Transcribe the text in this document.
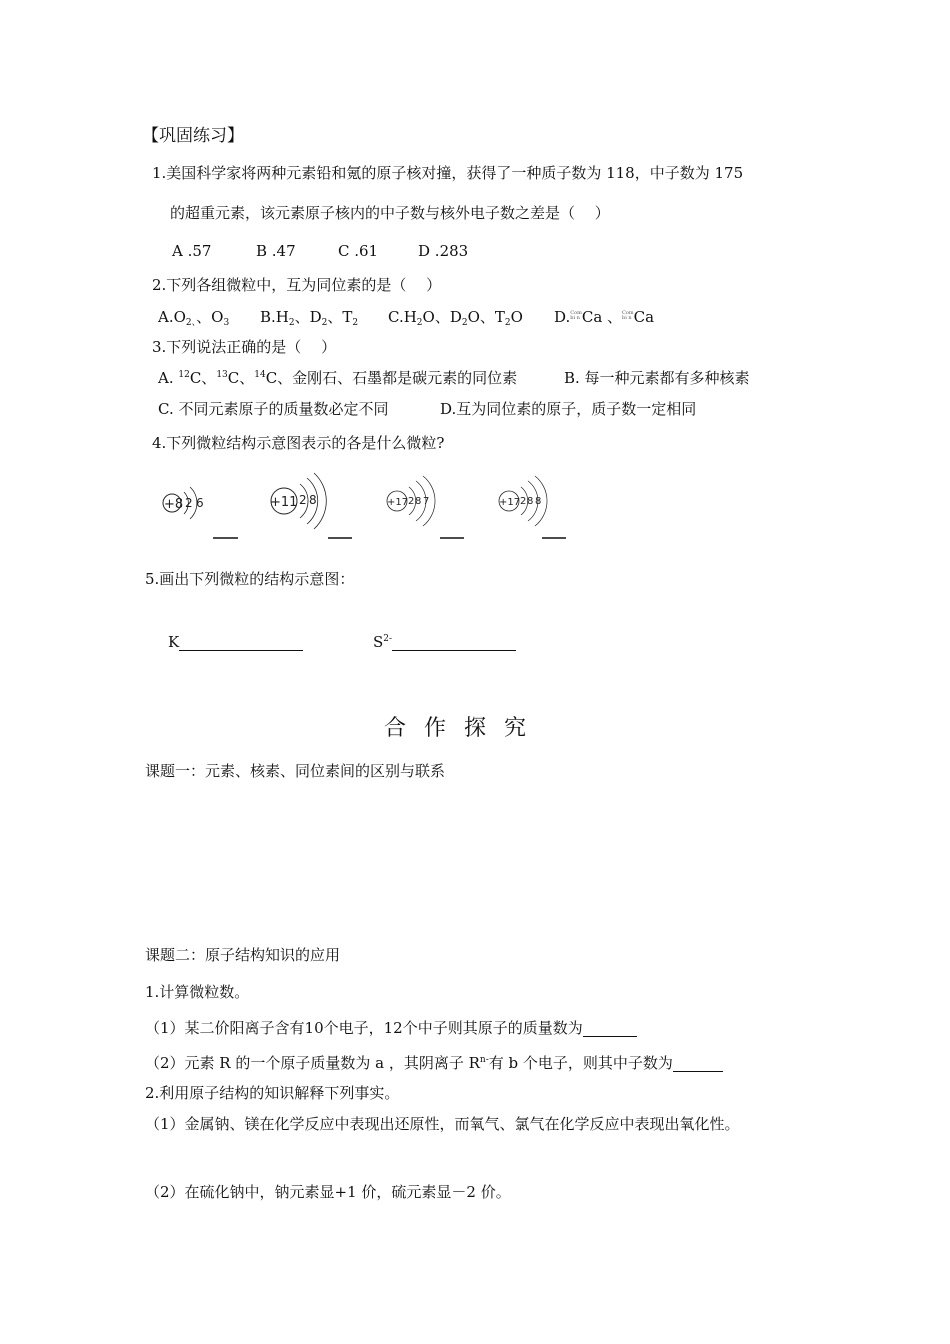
【巩固练习】
1.美国科学家将两种元素铅和氪的原子核对撞，获得了一种质子数为 118，中子数为 175
的超重元素，该元素原子核内的中子数与核外电子数之差是（　 ）
A .57	B .47	C .61	D .283
2.下列各组微粒中，互为同位素的是（　 ）
$A.O_{2、}$、$O_3$ $B.H_2$、$D_2$、$T_2$ $C.H_2O$、$D_2O$、$T_2O$ D.Com
bi n Ca 、Com
bi n Ca
3.下列说法正确的是（　 ）
A. $^{12}$C、$^{13}$C、$^{14}$C、金刚石、石墨都是碳元素的同位素	B. 每一种元素都有多种核素
C. 不同元素原子的质量数必定不同	D.互为同位素的原子，质子数一定相同
4.下列微粒结构示意图表示的各是什么微粒?
+8 2 6	+11 2 8	+17 2 8 7	+17 2 8 8
5.画出下列微粒的结构示意图：
K	$S^{2-}$
合作探究
课题一：元素、核素、同位素间的区别与联系
课题二：原子结构知识的应用
1.计算微粒数。
（1）某二价阳离子含有10个电子，12个中子则其原子的质量数为
（2）元素 R 的一个原子质量数为 a ，其阴离子 $R^{n-}$有 b 个电子，则其中子数为
2.利用原子结构的知识解释下列事实。
（1）金属钠、镁在化学反应中表现出还原性，而氧气、氯气在化学反应中表现出氧化性。
（2）在硫化钠中，钠元素显+1 价，硫元素显－2 价。
